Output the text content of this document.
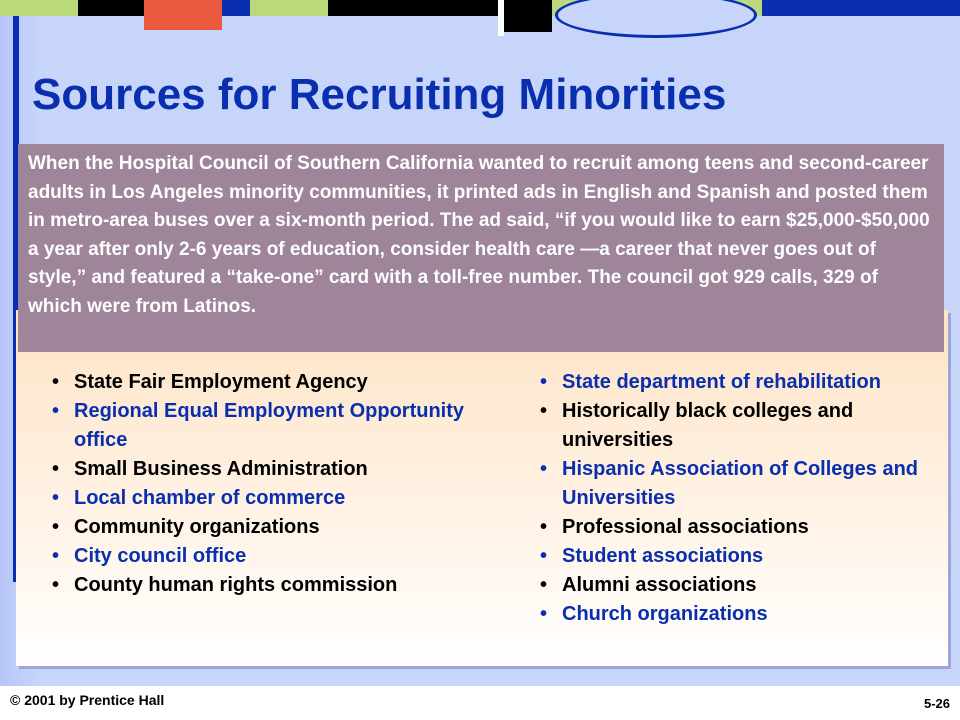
Sources for Recruiting Minorities

When the Hospital Council of Southern California wanted to recruit among teens and second-career adults in Los Angeles minority communities, it printed ads in English and Spanish and posted them in metro-area buses over a six-month period. The ad said, “if you would like to earn $25,000-$50,000 a year after only 2-6 years of education, consider health care —a career that never goes out of style,” and featured a “take-one” card with a toll-free number. The council got 929 calls, 329 of which were from Latinos.

• State Fair Employment Agency
• Regional Equal Employment Opportunity office
• Small Business Administration
• Local chamber of commerce
• Community organizations
• City council office
• County human rights commission
• State department of rehabilitation
• Historically black colleges and universities
• Hispanic Association of Colleges and Universities
• Professional associations
• Student associations
• Alumni associations
• Church organizations
© 2001 by Prentice Hall	5-26
